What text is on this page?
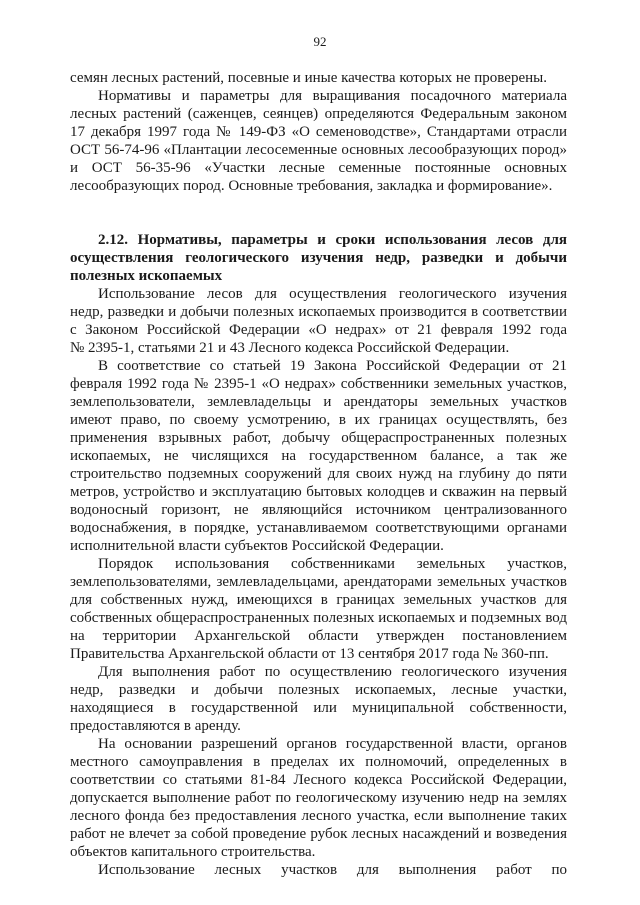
92
семян лесных растений, посевные и иные качества которых не проверены.
Нормативы и параметры для выращивания посадочного материала
лесных растений (саженцев, сеянцев) определяются Федеральным законом
17 декабря 1997 года № 149-ФЗ «О семеноводстве», Стандартами отрасли
ОСТ 56-74-96 «Плантации лесосеменные основных лесообразующих пород»
и ОСТ 56-35-96 «Участки лесные семенные постоянные основных
лесообразующих пород. Основные требования, закладка и формирование».
2.12. Нормативы, параметры и сроки использования лесов для
осуществления геологического изучения недр, разведки и добычи
полезных ископаемых
Использование лесов для осуществления геологического изучения
недр, разведки и добычи полезных ископаемых производится в соответствии
с Законом Российской Федерации «О недрах» от 21 февраля 1992 года
№ 2395-1, статьями 21 и 43 Лесного кодекса Российской Федерации.
В соответствие со статьей 19 Закона Российской Федерации от 21
февраля 1992 года № 2395-1 «О недрах» собственники земельных участков,
землепользователи, землевладельцы и арендаторы земельных участков
имеют право, по своему усмотрению, в их границах осуществлять, без
применения взрывных работ, добычу общераспространенных полезных
ископаемых, не числящихся на государственном балансе, а так же
строительство подземных сооружений для своих нужд на глубину до пяти
метров, устройство и эксплуатацию бытовых колодцев и скважин на первый
водоносный горизонт, не являющийся источником централизованного
водоснабжения, в порядке, устанавливаемом соответствующими органами
исполнительной власти субъектов Российской Федерации.
Порядок использования собственниками земельных участков,
землепользователями, землевладельцами, арендаторами земельных участков
для собственных нужд, имеющихся в границах земельных участков для
собственных общераспространенных полезных ископаемых и подземных вод
на территории Архангельской области утвержден постановлением
Правительства Архангельской области от 13 сентября 2017 года № 360-пп.
Для выполнения работ по осуществлению геологического изучения
недр, разведки и добычи полезных ископаемых, лесные участки,
находящиеся в государственной или муниципальной собственности,
предоставляются в аренду.
На основании разрешений органов государственной власти, органов
местного самоуправления в пределах их полномочий, определенных в
соответствии со статьями 81-84 Лесного кодекса Российской Федерации,
допускается выполнение работ по геологическому изучению недр на землях
лесного фонда без предоставления лесного участка, если выполнение таких
работ не влечет за собой проведение рубок лесных насаждений и возведения
объектов капитального строительства.
Использование лесных участков для выполнения работ по
